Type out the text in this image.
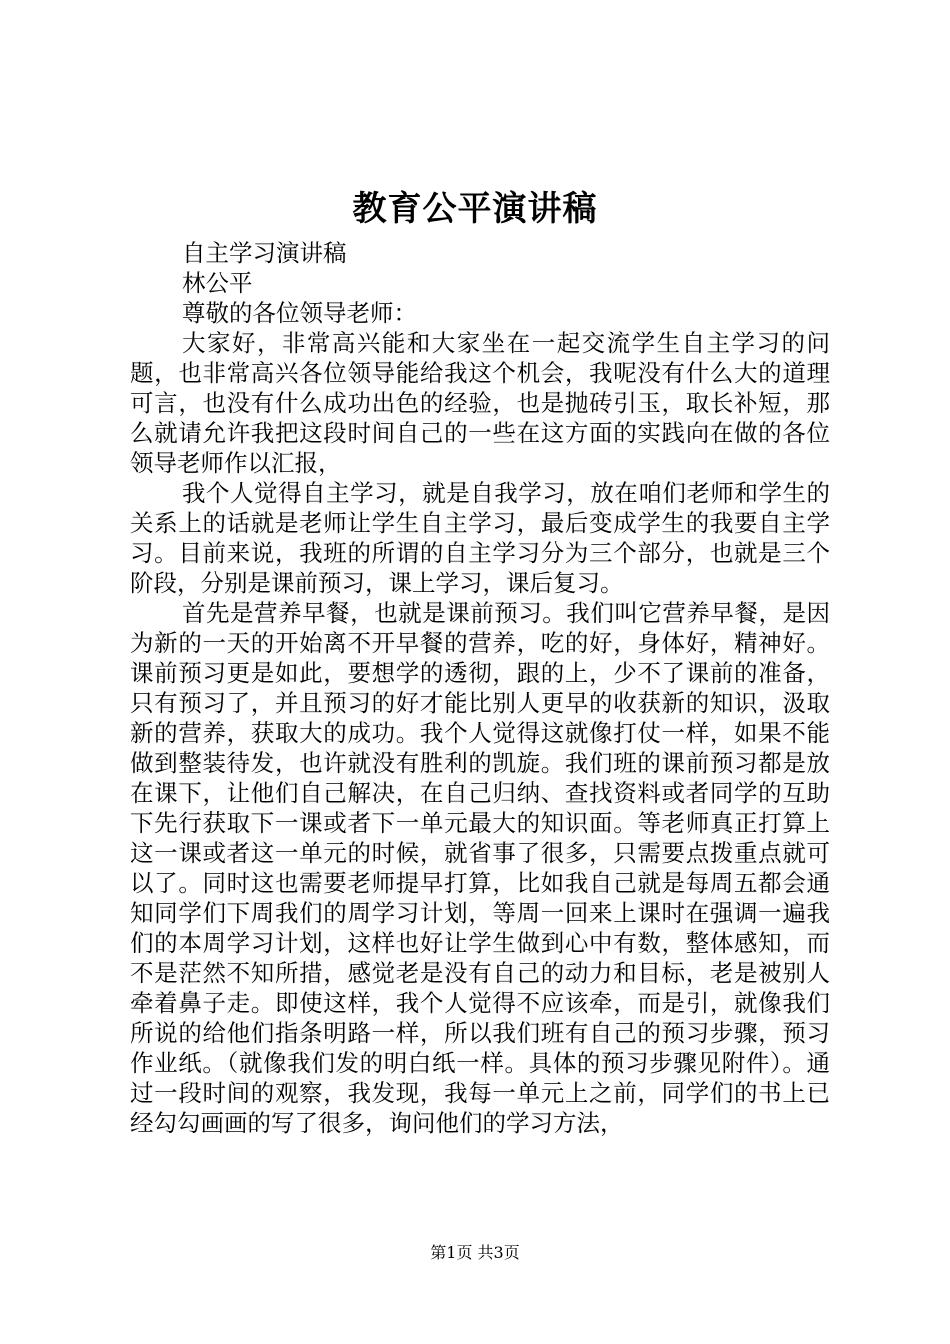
教育公平演讲稿

自主学习演讲稿

林公平

尊敬的各位领导老师：

大家好，非常高兴能和大家坐在一起交流学生自主学习的问题，也非常高兴各位领导能给我这个机会，我呢没有什么大的道理可言，也没有什么成功出色的经验，也是抛砖引玉，取长补短，那么就请允许我把这段时间自己的一些在这方面的实践向在做的各位领导老师作以汇报，

我个人觉得自主学习，就是自我学习，放在咱们老师和学生的关系上的话就是老师让学生自主学习，最后变成学生的我要自主学习。目前来说，我班的所谓的自主学习分为三个部分，也就是三个阶段，分别是课前预习，课上学习，课后复习。

首先是营养早餐，也就是课前预习。我们叫它营养早餐，是因为新的一天的开始离不开早餐的营养，吃的好，身体好，精神好。课前预习更是如此，要想学的透彻，跟的上，少不了课前的准备，只有预习了，并且预习的好才能比别人更早的收获新的知识，汲取新的营养，获取大的成功。我个人觉得这就像打仗一样，如果不能做到整装待发，也许就没有胜利的凯旋。我们班的课前预习都是放在课下，让他们自己解决，在自己归纳、查找资料或者同学的互助下先行获取下一课或者下一单元最大的知识面。等老师真正打算上这一课或者这一单元的时候，就省事了很多，只需要点拨重点就可以了。同时这也需要老师提早打算，比如我自己就是每周五都会通知同学们下周我们的周学习计划，等周一回来上课时在强调一遍我们的本周学习计划，这样也好让学生做到心中有数，整体感知，而不是茫然不知所措，感觉老是没有自己的动力和目标，老是被别人牵着鼻子走。即使这样，我个人觉得不应该牵，而是引，就像我们所说的给他们指条明路一样，所以我们班有自己的预习步骤，预习作业纸。（就像我们发的明白纸一样。具体的预习步骤见附件）。通过一段时间的观察，我发现，我每一单元上之前，同学们的书上已经勾勾画画的写了很多，询问他们的学习方法，

第1页 共3页
